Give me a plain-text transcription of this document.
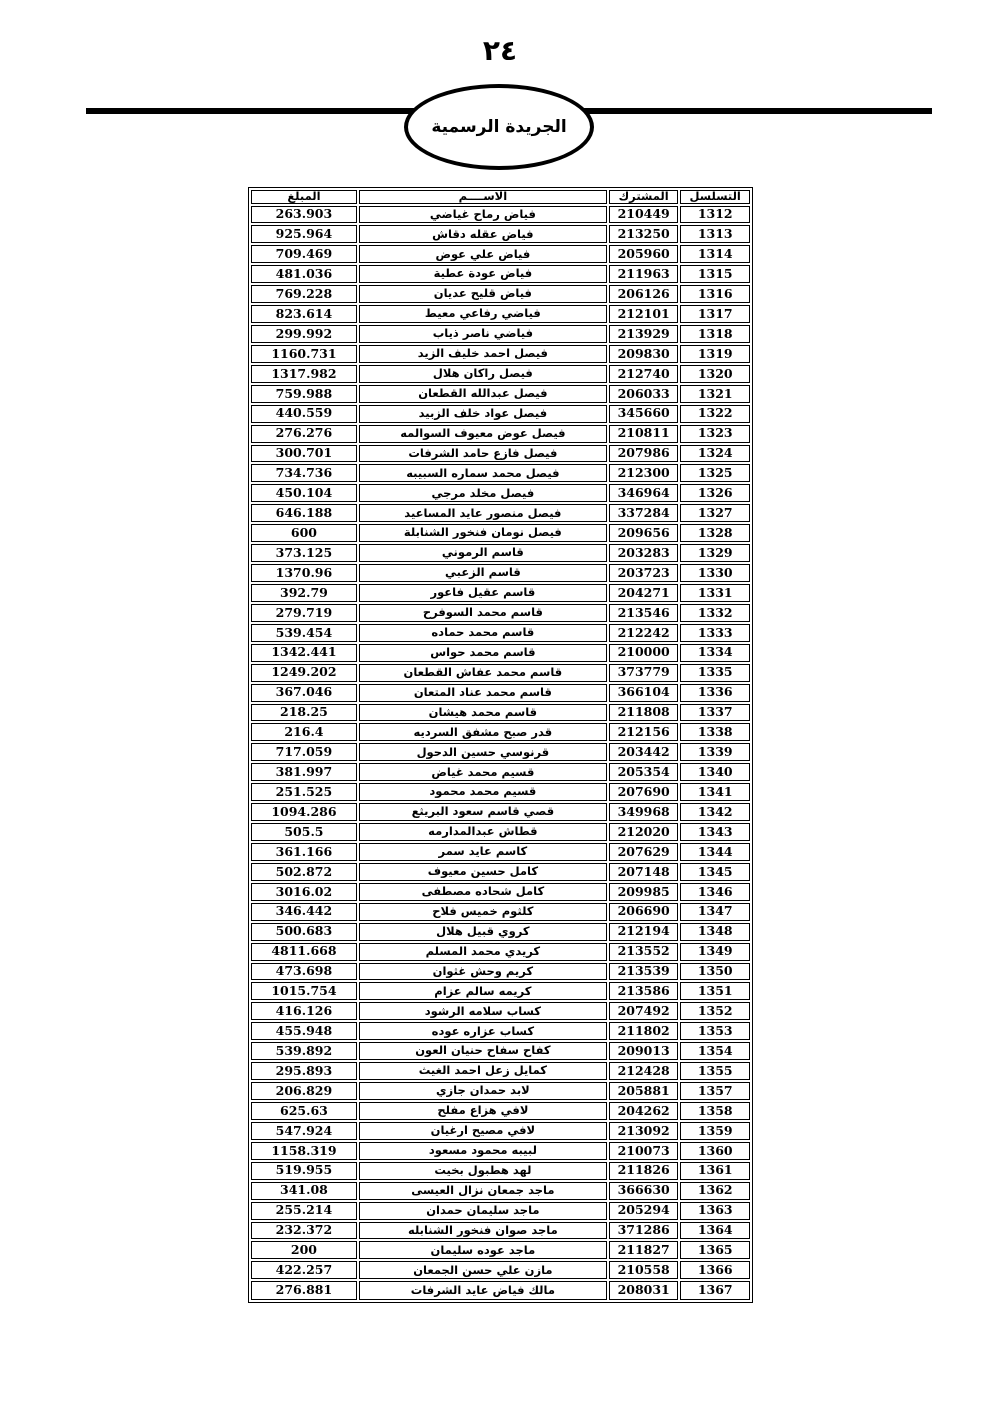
٢٤
الجريدة الرسمية
التسلسل	المشترك	الاســــم	المبلغ
1312	210449	فياض رماح غياضي	263.903
1313	213250	فياض عقله دقاش	925.964
1314	205960	فياض علي عوض	709.469
1315	211963	فياض عودة عطية	481.036
1316	206126	فياض قليح عديان	769.228
1317	212101	فياضي رفاعي معيط	823.614
1318	213929	فياضي ناصر ذياب	299.992
1319	209830	فيصل احمد خليف الزيد	1160.731
1320	212740	فيصل راكان هلال	1317.982
1321	206033	فيصل عبدالله القطعان	759.988
1322	345660	فيصل عواد خلف الزبيد	440.559
1323	210811	فيصل عوض معيوف السوالمه	276.276
1324	207986	فيصل فازع حامد الشرفات	300.701
1325	212300	فيصل محمد سماره السبيبه	734.736
1326	346964	فيصل مخلد مرجي	450.104
1327	337284	فيصل منصور عايد المساعيد	646.188
1328	209656	فيصل نومان فنخور الشنابلة	600
1329	203283	قاسم الرموني	373.125
1330	203723	قاسم الزعبي	1370.96
1331	204271	قاسم عقيل فاعور	392.79
1332	213546	قاسم محمد السوفرح	279.719
1333	212242	قاسم محمد حماده	539.454
1334	210000	قاسم محمد حواس	1342.441
1335	373779	قاسم محمد عفاش القطعان	1249.202
1336	366104	قاسم محمد عناد المتعان	367.046
1337	211808	قاسم محمد هيشان	218.25
1338	212156	قدر صبح مشفق السرديه	216.4
1339	203442	قرنوسي حسين الدحول	717.059
1340	205354	قسيم محمد غياض	381.997
1341	207690	قسيم محمد محمود	251.525
1342	349968	قصي قاسم سعود البريثع	1094.286
1343	212020	قطاش عبدالمدارمه	505.5
1344	207629	كاسم عايد سمر	361.166
1345	207148	كامل حسين معيوف	502.872
1346	209985	كامل شحاده مصطفى	3016.02
1347	206690	كلثوم خميس فلاح	346.442
1348	212194	كروي قبيل هلال	500.683
1349	213552	كريدي محمد المسلم	4811.668
1350	213539	كريم وحش غثوان	473.698
1351	213586	كريمه سالم عزام	1015.754
1352	207492	كساب سلامه الرشود	416.126
1353	211802	كساب عزاره عوده	455.948
1354	209013	كفاح سفاح حنيان العون	539.892
1355	212428	كمايل زعل احمد الغيث	295.893
1357	205881	لابد حمدان جازي	206.829
1358	204262	لافي هزاع مفلح	625.63
1359	213092	لافي مصيح ارغيان	547.924
1360	210073	لبيبه محمود مسعود	1158.319
1361	211826	لهد هطبول بخيت	519.955
1362	366630	ماجد جمعان نزال العيسى	341.08
1363	205294	ماجد سليمان حمدان	255.214
1364	371286	ماجد صوان فنخور الشنابله	232.372
1365	211827	ماجد عوده سليمان	200
1366	210558	مازن علي حسن الجمعان	422.257
1367	208031	مالك فياض عايد الشرفات	276.881
